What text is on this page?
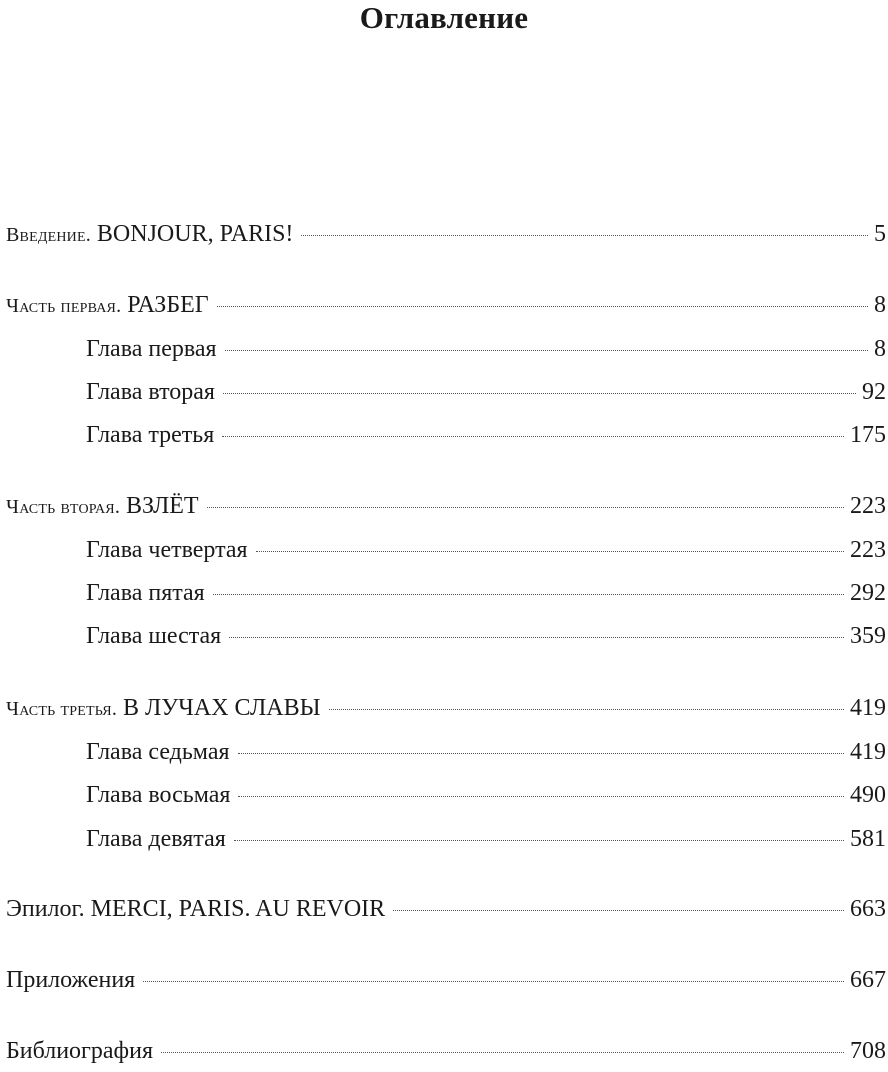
Оглавление
Введение. BONJOUR, PARIS!	5
Часть первая. РАЗБЕГ	8
Глава первая	8
Глава вторая	92
Глава третья	175
Часть вторая. ВЗЛЁТ	223
Глава четвертая	223
Глава пятая	292
Глава шестая	359
Часть третья. В ЛУЧАХ СЛАВЫ	419
Глава седьмая	419
Глава восьмая	490
Глава девятая	581
Эпилог. MERCI, PARIS. AU REVOIR	663
Приложения	667
Библиография	708
